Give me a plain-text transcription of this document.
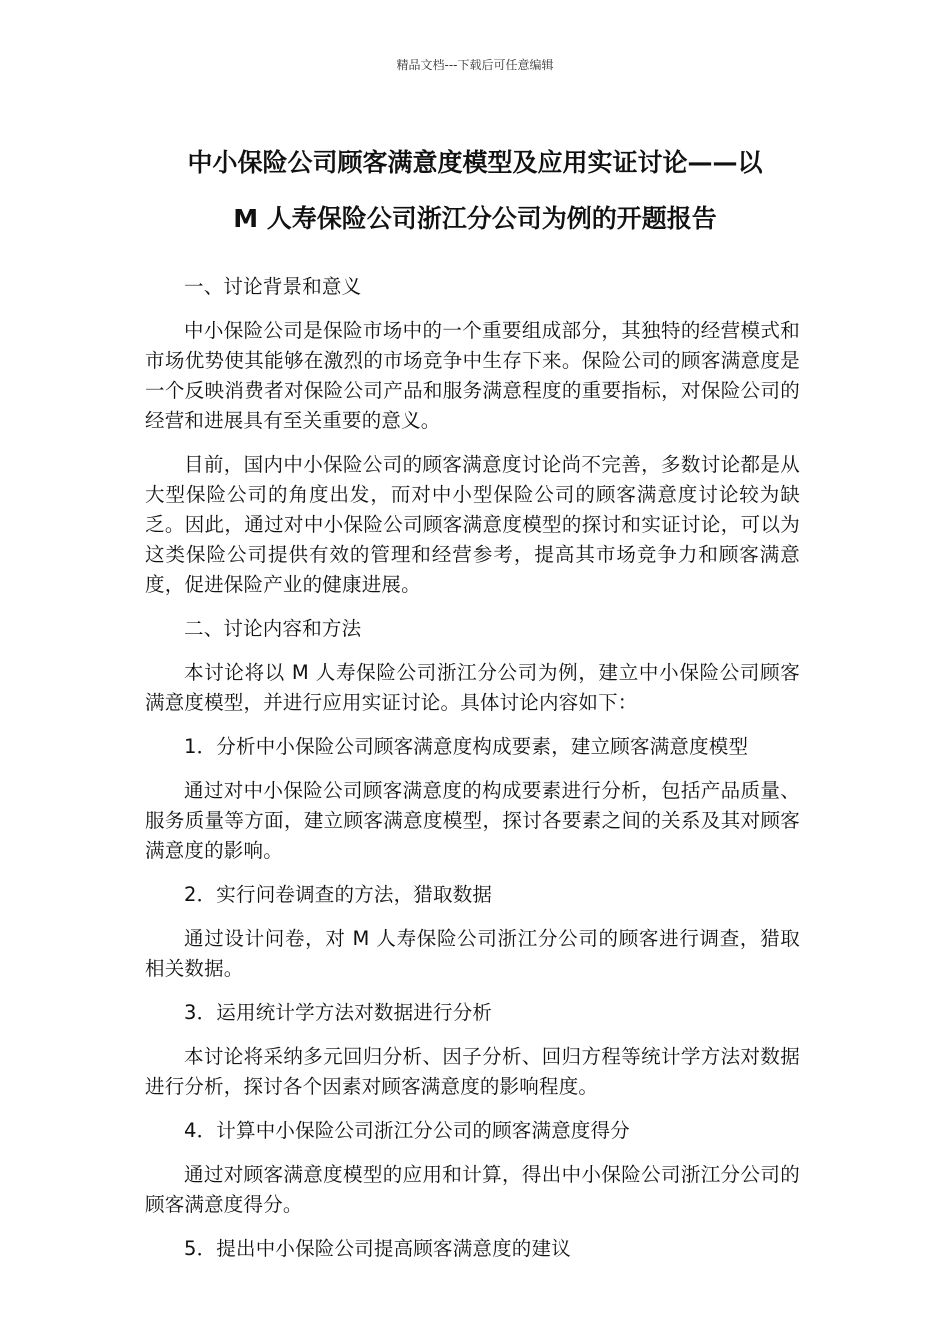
精品文档---下载后可任意编辑
中小保险公司顾客满意度模型及应用实证讨论——以
M 人寿保险公司浙江分公司为例的开题报告

一、讨论背景和意义

中小保险公司是保险市场中的一个重要组成部分，其独特的经营模式和市场优势使其能够在激烈的市场竞争中生存下来。保险公司的顾客满意度是一个反映消费者对保险公司产品和服务满意程度的重要指标，对保险公司的经营和进展具有至关重要的意义。

目前，国内中小保险公司的顾客满意度讨论尚不完善，多数讨论都是从大型保险公司的角度出发，而对中小型保险公司的顾客满意度讨论较为缺乏。因此，通过对中小保险公司顾客满意度模型的探讨和实证讨论，可以为这类保险公司提供有效的管理和经营参考，提高其市场竞争力和顾客满意度，促进保险产业的健康进展。

二、讨论内容和方法

本讨论将以 M 人寿保险公司浙江分公司为例，建立中小保险公司顾客满意度模型，并进行应用实证讨论。具体讨论内容如下：

1．分析中小保险公司顾客满意度构成要素，建立顾客满意度模型

通过对中小保险公司顾客满意度的构成要素进行分析，包括产品质量、服务质量等方面，建立顾客满意度模型，探讨各要素之间的关系及其对顾客满意度的影响。

2．实行问卷调查的方法，猎取数据

通过设计问卷，对 M 人寿保险公司浙江分公司的顾客进行调查，猎取相关数据。

3．运用统计学方法对数据进行分析

本讨论将采纳多元回归分析、因子分析、回归方程等统计学方法对数据进行分析，探讨各个因素对顾客满意度的影响程度。

4．计算中小保险公司浙江分公司的顾客满意度得分

通过对顾客满意度模型的应用和计算，得出中小保险公司浙江分公司的顾客满意度得分。

5．提出中小保险公司提高顾客满意度的建议
